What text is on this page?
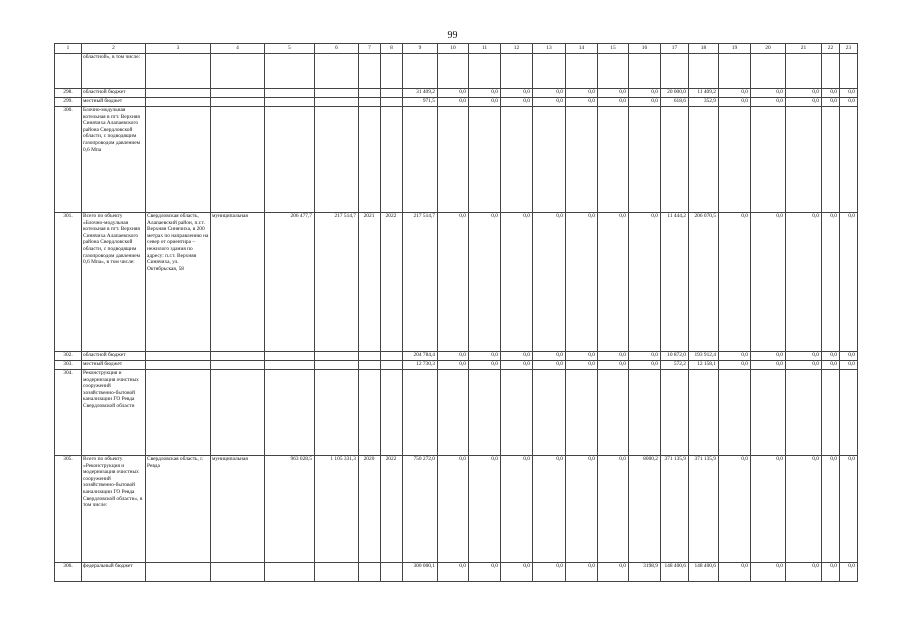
99
1	2	3	4	5	6	7	8	9	10	11	12	13	14	15	16	17	18	19	20	21	22	23
	областной», в том числе:																					
298.	областной бюджет							31 409,2	0,0	0,0	0,0	0,0	0,0	0,0	0,0	20 000,0	11 409,2	0,0	0,0	0,0	0,0	0,0
299.	местный бюджет							971,5	0,0	0,0	0,0	0,0	0,0	0,0	0,0	618,6	352,9	0,0	0,0	0,0	0,0	0,0
300.	Блочно-модульная котельная в пгт. Верхняя Синячиха Алапаевского района Свердловской области, с подводящим газопроводом давлением 0,6 Мпа																					
301.	Всего по объекту «Блочно-модульная котельная в пгт. Верхняя Синячиха Алапаевского района Свердловской области, с подводящим газопроводом давлением 0,6 Мпа», в том числе:	Свердловская область, Алапаевский район, п.г.т. Верхняя Синячиха, в 200 метрах по направлению на север от ориентира – нежилого здания по адресу: п.г.т. Верхняя Синячиха, ул. Октябрьская, 58	муниципальная	206 477,7	217 514,7	2021	2022	217 514,7	0,0	0,0	0,0	0,0	0,0	0,0	0,0	11 444,2	206 070,5	0,0	0,0	0,0	0,0	0,0
302.	областной бюджет							204 784,4	0,0	0,0	0,0	0,0	0,0	0,0	0,0	10 872,0	193 912,4	0,0	0,0	0,0	0,0	0,0
303.	местный бюджет							12 730,3	0,0	0,0	0,0	0,0	0,0	0,0	0,0	572,2	12 158,1	0,0	0,0	0,0	0,0	0,0
304.	Реконструкция и модернизация очистных сооружений хозяйственно-бытовой канализации ГО Ревда Свердловской области																					
305.	Всего по объекту «Реконструкция и модернизация очистных сооружений хозяйственно-бытовой канализации ГО Ревда Свердловской области», в том числе:	Свердловская область, г. Ревда	муниципальная	963 028,5	1 105 331,3	2020	2022	750 272,0	0,0	0,0	0,0	0,0	0,0	0,0	8000,2	371 135,9	371 135,9	0,0	0,0	0,0	0,0	0,0
306.	федеральный бюджет							300 000,1	0,0	0,0	0,0	0,0	0,0	0,0	3198,9	148 400,6	148 400,6	0,0	0,0	0,0	0,0	0,0
